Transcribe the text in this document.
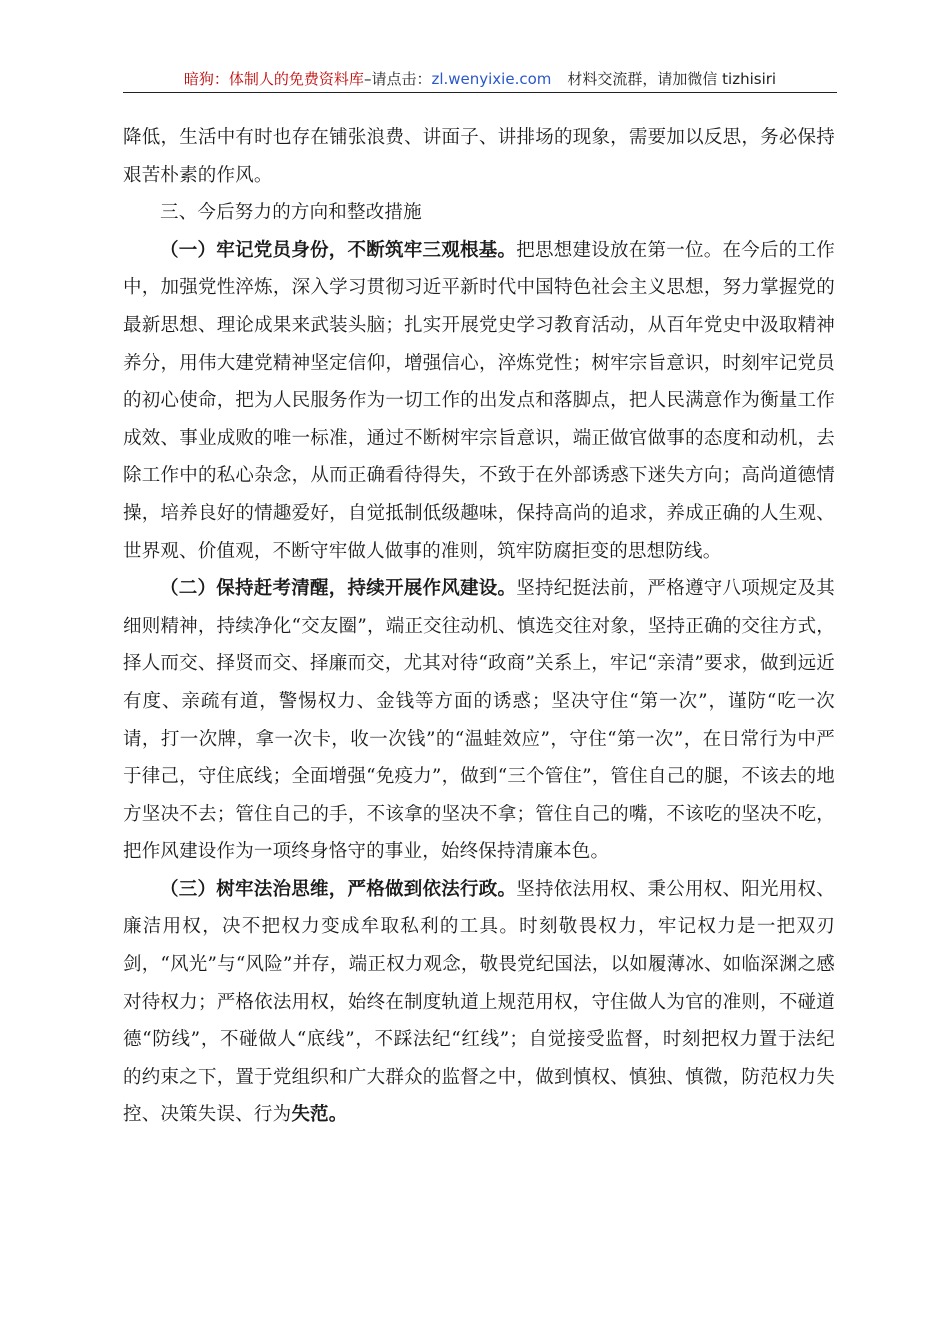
暗狗：体制人的免费资料库 –请点击： zl.wenyixie.com 材料交流群，请加微信 tizhisiri

降低，生活中有时也存在铺张浪费、讲面子、讲排场的现象，需要加以反思，务必保持艰苦朴素的作风。

三、今后努力的方向和整改措施

（一）牢记党员身份，不断筑牢三观根基。把思想建设放在第一位。在今后的工作中，加强党性淬炼，深入学习贯彻习近平新时代中国特色社会主义思想，努力掌握党的最新思想、理论成果来武装头脑；扎实开展党史学习教育活动，从百年党史中汲取精神养分，用伟大建党精神坚定信仰，增强信心，淬炼党性；树牢宗旨意识，时刻牢记党员的初心使命，把为人民服务作为一切工作的出发点和落脚点，把人民满意作为衡量工作成效、事业成败的唯一标准，通过不断树牢宗旨意识，端正做官做事的态度和动机，去除工作中的私心杂念，从而正确看待得失，不致于在外部诱惑下迷失方向；高尚道德情操，培养良好的情趣爱好，自觉抵制低级趣味，保持高尚的追求，养成正确的人生观、世界观、价值观，不断守牢做人做事的准则，筑牢防腐拒变的思想防线。

（二）保持赶考清醒，持续开展作风建设。坚持纪挺法前，严格遵守八项规定及其细则精神，持续净化“交友圈”，端正交往动机、慎选交往对象，坚持正确的交往方式，择人而交、择贤而交、择廉而交，尤其对待“政商”关系上，牢记“亲清”要求，做到远近有度、亲疏有道，警惕权力、金钱等方面的诱惑；坚决守住“第一次”，谨防“吃一次请，打一次牌，拿一次卡，收一次钱”的“温蛙效应”，守住“第一次”，在日常行为中严于律己，守住底线；全面增强“免疫力”，做到“三个管住”，管住自己的腿，不该去的地方坚决不去；管住自己的手，不该拿的坚决不拿；管住自己的嘴，不该吃的坚决不吃，把作风建设作为一项终身恪守的事业，始终保持清廉本色。

（三）树牢法治思维，严格做到依法行政。坚持依法用权、秉公用权、阳光用权、廉洁用权，决不把权力变成牟取私利的工具。时刻敬畏权力，牢记权力是一把双刃剑，“风光”与“风险”并存，端正权力观念，敬畏党纪国法，以如履薄冰、如临深渊之感对待权力；严格依法用权，始终在制度轨道上规范用权，守住做人为官的准则，不碰道德“防线”，不碰做人“底线”，不踩法纪“红线”；自觉接受监督，时刻把权力置于法纪的约束之下，置于党组织和广大群众的监督之中，做到慎权、慎独、慎微，防范权力失控、决策失误、行为失范。
